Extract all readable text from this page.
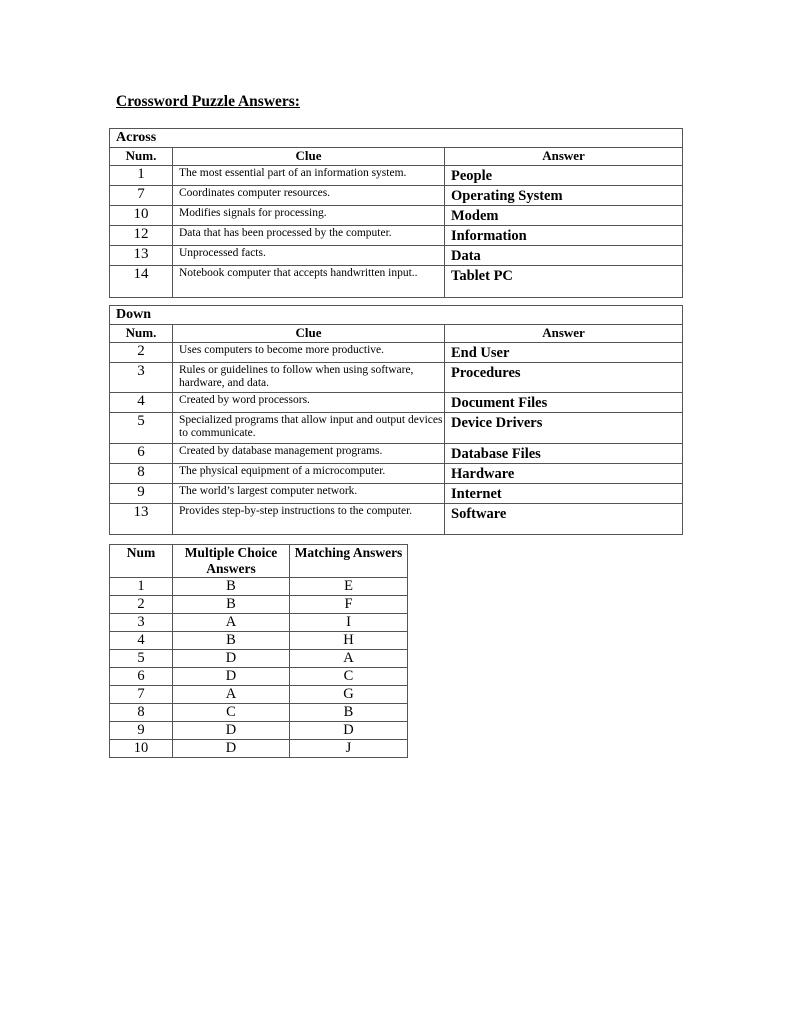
Crossword Puzzle Answers:
Across		
Num.	Clue	Answer
1	The most essential part of an information system.	People
7	Coordinates computer resources.	Operating System
10	Modifies signals for processing.	Modem
12	Data that has been processed by the computer.	Information
13	Unprocessed facts.	Data
14	Notebook computer that accepts handwritten input..	Tablet PC
Down		
Num.	Clue	Answer
2	Uses computers to become more productive.	End User
3	Rules or guidelines to follow when using software, hardware, and data.	Procedures
4	Created by word processors.	Document Files
5	Specialized programs that allow input and output devices to communicate.	Device Drivers
6	Created by database management programs.	Database Files
8	The physical equipment of a microcomputer.	Hardware
9	The world’s largest computer network.	Internet
13	Provides step-by-step instructions to the computer.	Software
Num	Multiple Choice Answers	Matching Answers
1	B	E
2	B	F
3	A	I
4	B	H
5	D	A
6	D	C
7	A	G
8	C	B
9	D	D
10	D	J
